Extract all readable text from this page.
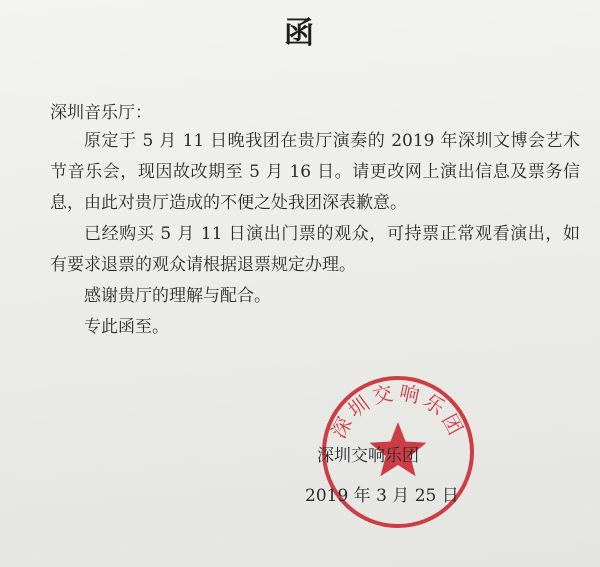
函
深圳音乐厅：

原定于 5 月 11 日晚我团在贵厅演奏的 2019 年深圳文博会艺术节音乐会，现因故改期至 5 月 16 日。请更改网上演出信息及票务信息，由此对贵厅造成的不便之处我团深表歉意。

已经购买 5 月 11 日演出门票的观众，可持票正常观看演出，如有要求退票的观众请根据退票规定办理。

感谢贵厅的理解与配合。

专此函至。

深圳交响乐团
深圳交响乐团
2019 年 3 月 25 日
